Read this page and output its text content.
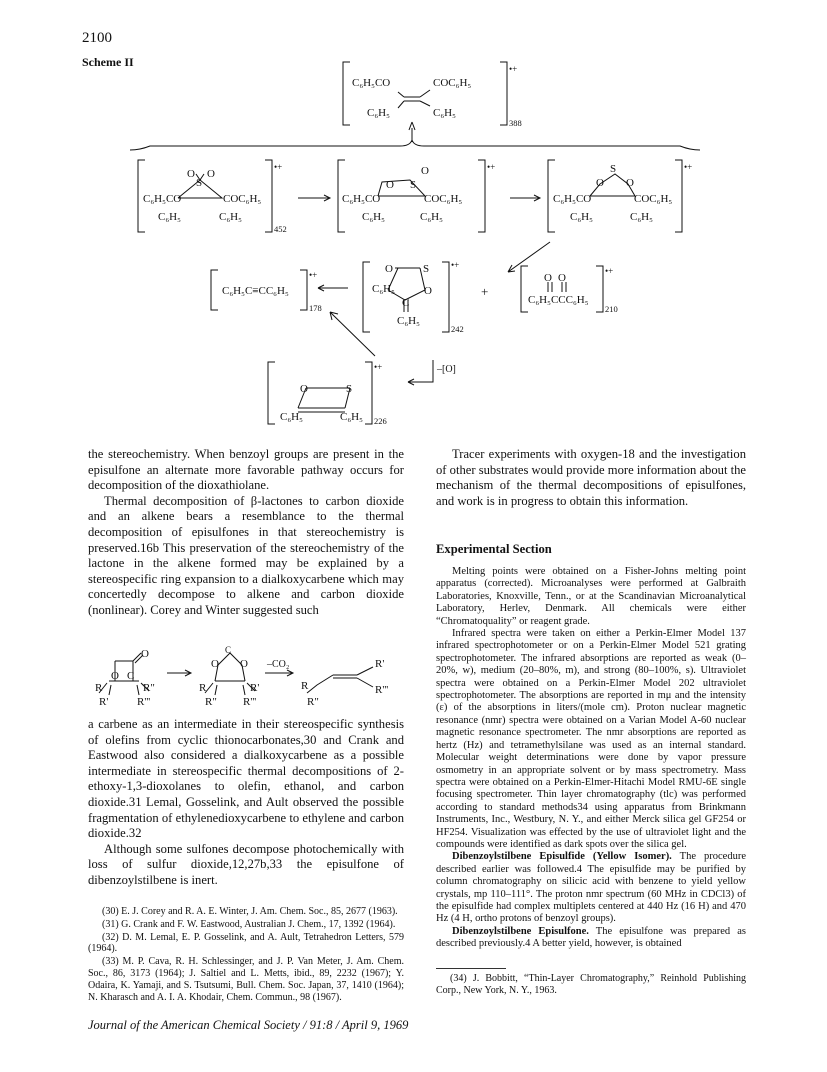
2100
Scheme II
C₆H₅CO	COC₆H₅
C₆H₅	C₆H₅
•+
388
O
S
O
C₆H₅CO	COC₆H₅
C₆H₅	C₆H₅
•+
452
O
O S
C₆H₅CO	COC₆H₅
C₆H₅	C₆H₅
•+	S
O O
C₆H₅CO	COC₆H₅
C₆H₅	C₆H₅
•+
C₆H₅C≡CC₆H₅
•+
178
O	S
C₆H₅	O
C
C₆H₅
•+
242
+
O O
C₆H₅CCC₆H₅
•+
210
–[O]
O	S
C₆H₅	C₆H₅
•+
226

the stereochemistry. When benzoyl groups are present in the episulfone an alternate more favorable pathway occurs for decomposition of the dioxathiolane.

Thermal decomposition of β-lactones to carbon dioxide and an alkene bears a resemblance to the thermal decomposition of episulfones in that stereochemistry is preserved.16b This preservation of the stereochemistry of the lactone in the alkene formed may be explained by a stereospecific ring expansion to a dialkoxycarbene which may concertedly decompose to alkene and carbon dioxide (nonlinear). Corey and Winter suggested such

O C
O
R	R"
R'	R'''
C
O O
R	R'
R" R'''
–CO₂
R
R'
R"
R'''

a carbene as an intermediate in their stereospecific synthesis of olefins from cyclic thionocarbonates,30 and Crank and Eastwood also considered a dialkoxycarbene as a possible intermediate in stereospecific thermal decompositions of 2-ethoxy-1,3-dioxolanes to olefin, ethanol, and carbon dioxide.31 Lemal, Gosselink, and Ault observed the possible fragmentation of ethylenedioxycarbene to ethylene and carbon dioxide.32

Although some sulfones decompose photochemically with loss of sulfur dioxide,12,27b,33 the episulfone of dibenzoylstilbene is inert.

(30) E. J. Corey and R. A. E. Winter, J. Am. Chem. Soc., 85, 2677 (1963).

(31) G. Crank and F. W. Eastwood, Australian J. Chem., 17, 1392 (1964).

(32) D. M. Lemal, E. P. Gosselink, and A. Ault, Tetrahedron Letters, 579 (1964).

(33) M. P. Cava, R. H. Schlessinger, and J. P. Van Meter, J. Am. Chem. Soc., 86, 3173 (1964); J. Saltiel and L. Metts, ibid., 89, 2232 (1967); Y. Odaira, K. Yamaji, and S. Tsutsumi, Bull. Chem. Soc. Japan, 37, 1410 (1964); N. Kharasch and A. I. A. Khodair, Chem. Commun., 98 (1967).

Tracer experiments with oxygen-18 and the investigation of other substrates would provide more information about the mechanism of the thermal decompositions of episulfones, and work is in progress to obtain this information.

Experimental Section

Melting points were obtained on a Fisher-Johns melting point apparatus (corrected). Microanalyses were performed at Galbraith Laboratories, Knoxville, Tenn., or at the Scandinavian Microanalytical Laboratory, Herlev, Denmark. All chemicals were either “Chromatoquality” or reagent grade.

Infrared spectra were taken on either a Perkin-Elmer Model 137 infrared spectrophotometer or on a Perkin-Elmer Model 521 grating spectrophotometer. The infrared absorptions are reported as weak (0–20%, w), medium (20–80%, m), and strong (80–100%, s). Ultraviolet spectra were obtained on a Perkin-Elmer Model 202 ultraviolet spectrophotometer. The absorptions are reported in mμ and the intensity (ε) of the absorptions in liters/(mole cm). Proton nuclear magnetic resonance (nmr) spectra were obtained on a Varian Model A-60 nuclear magnetic resonance spectrometer. The nmr absorptions are reported as hertz (Hz) and tetramethylsilane was used as an internal standard. Molecular weight determinations were done by vapor pressure osmometry in an appropriate solvent or by mass spectrometry. Mass spectra were obtained on a Perkin-Elmer-Hitachi Model RMU-6E single focusing spectrometer. Thin layer chromatography (tlc) was performed according to standard methods34 using apparatus from Brinkmann Instruments, Inc., Westbury, N. Y., and either Merck silica gel GF254 or HF254. Visualization was effected by the use of ultraviolet light and the compounds were identified as dark spots over the silica gel.

Dibenzoylstilbene Episulfide (Yellow Isomer). The procedure described earlier was followed.4 The episulfide may be purified by column chromatography on silicic acid with benzene to yield yellow crystals, mp 110–111°. The proton nmr spectrum (60 MHz in CDCl3) of the episulfide had complex multiplets centered at 440 Hz (16 H) and 470 Hz (4 H, ortho protons of benzoyl groups).

Dibenzoylstilbene Episulfone. The episulfone was prepared as described previously.4 A better yield, however, is obtained

(34) J. Bobbitt, “Thin-Layer Chromatography,” Reinhold Publishing Corp., New York, N. Y., 1963.

Journal of the American Chemical Society / 91:8 / April 9, 1969
